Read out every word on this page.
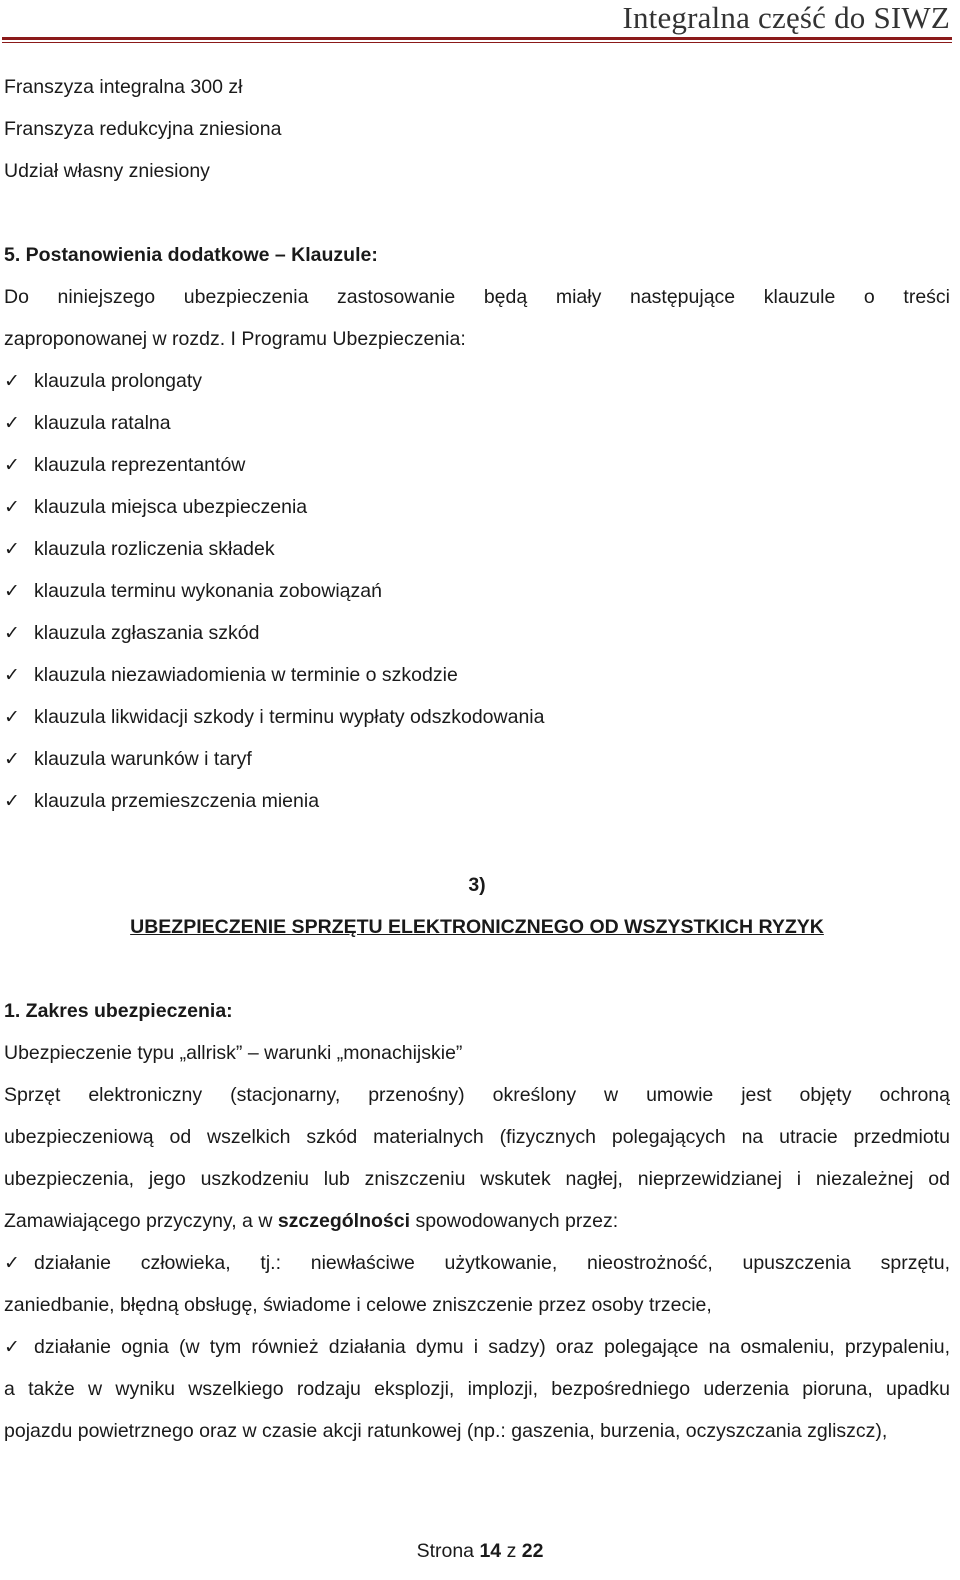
Integralna część do SIWZ

Franszyza integralna 300 zł

Franszyza redukcyjna zniesiona

Udział własny zniesiony

5. Postanowienia dodatkowe – Klauzule:

Do niniejszego ubezpieczenia zastosowanie będą miały następujące klauzule o treści

zaproponowanej w rozdz. I Programu Ubezpieczenia:

✓ klauzula prolongaty
✓ klauzula ratalna
✓ klauzula reprezentantów
✓ klauzula miejsca ubezpieczenia
✓ klauzula rozliczenia składek
✓ klauzula terminu wykonania zobowiązań
✓ klauzula zgłaszania szkód
✓ klauzula niezawiadomienia w terminie o szkodzie
✓ klauzula likwidacji szkody i terminu wypłaty odszkodowania
✓ klauzula warunków i taryf
✓ klauzula przemieszczenia mienia

3)

UBEZPIECZENIE SPRZĘTU ELEKTRONICZNEGO OD WSZYSTKICH RYZYK

1. Zakres ubezpieczenia:

Ubezpieczenie typu „allrisk” – warunki „monachijskie”

Sprzęt elektroniczny (stacjonarny, przenośny) określony w umowie jest objęty ochroną

ubezpieczeniową od wszelkich szkód materialnych (fizycznych polegających na utracie przedmiotu

ubezpieczenia, jego uszkodzeniu lub zniszczeniu wskutek nagłej, nieprzewidzianej i niezależnej od

Zamawiającego przyczyny, a w szczególności spowodowanych przez:

✓ działanie człowieka, tj.: niewłaściwe użytkowanie, nieostrożność, upuszczenia sprzętu,

zaniedbanie, błędną obsługę, świadome i celowe zniszczenie przez osoby trzecie,

✓ działanie ognia (w tym również działania dymu i sadzy) oraz polegające na osmaleniu, przypaleniu,

a także w wyniku wszelkiego rodzaju eksplozji, implozji, bezpośredniego uderzenia pioruna, upadku

pojazdu powietrznego oraz w czasie akcji ratunkowej (np.: gaszenia, burzenia, oczyszczania zgliszcz),

Strona 14 z 22
